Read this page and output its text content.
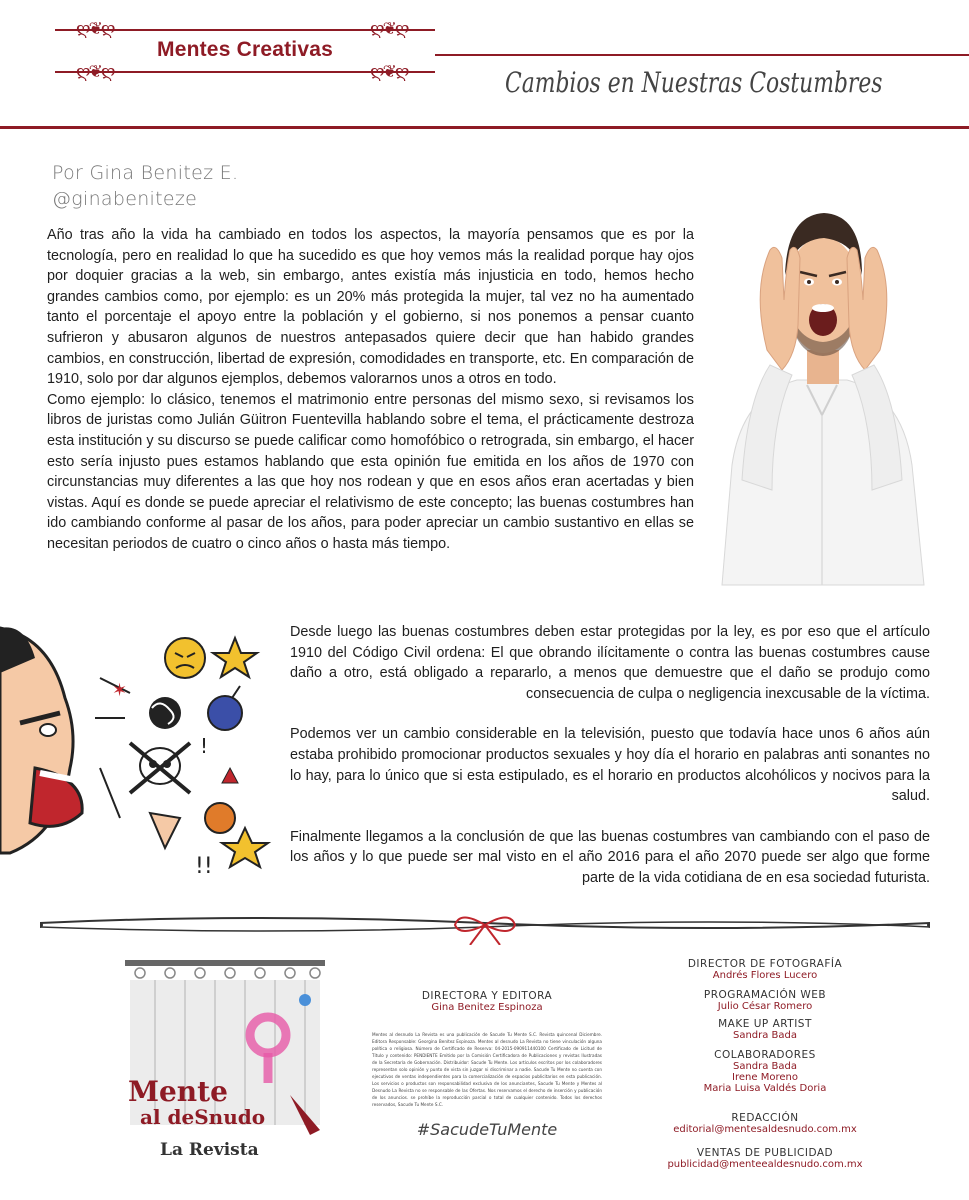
ღ❦ღ	ღ❦ღ
ღ❦ღ	ღ❦ღ
Mentes Creativas
Cambios en Nuestras Costumbres
Por Gina Benitez E.
@ginabeniteze

Año tras año la vida ha cambiado en todos los aspectos, la mayoría pensamos que es por la tecnología, pero en realidad lo que ha sucedido es que hoy vemos más la realidad porque hay ojos por doquier gracias a la web, sin embargo, antes existía más injusticia en todo, hemos hecho grandes cambios como, por ejemplo: es un 20% más protegida la mujer, tal vez no ha aumentado tanto el porcentaje el apoyo entre la población y el gobierno, si nos ponemos a pensar cuanto sufrieron y abusaron algunos de nuestros antepasados quiere decir que han habido grandes cambios, en construcción, libertad de expresión, comodidades en transporte, etc. En comparación de 1910, solo por dar algunos ejemplos, debemos valorarnos unos a otros en todo.

Como ejemplo: lo clásico, tenemos el matrimonio entre personas del mismo sexo, si revisamos los libros de juristas como Julián Güitron Fuentevilla hablando sobre el tema, el prácticamente destroza esta institución y su discurso se puede calificar como homofóbico o retrograda, sin embargo, el hacer esto sería injusto pues estamos hablando que esta opinión fue emitida en los años de 1970 con circunstancias muy diferentes a las que hoy nos rodean y que en esos años eran acertadas y bien vistas. Aquí es donde se puede apreciar el relativismo de este concepto; las buenas costumbres han ido cambiando conforme al pasar de los años, para poder apreciar un cambio sustantivo en ellas se necesitan periodos de cuatro o cinco años o hasta más tiempo.

✶
!!
!

Desde luego las buenas costumbres deben estar protegidas por la ley, es por eso que el artículo 1910 del Código Civil ordena: El que obrando ilícitamente o contra las buenas costumbres cause daño a otro, está obligado a repararlo, a menos que demuestre que el daño se produjo como consecuencia de culpa o negligencia inexcusable de la víctima.

Podemos ver un cambio considerable en la televisión, puesto que todavía hace unos 6 años aún estaba prohibido promocionar productos sexuales y hoy día el horario en palabras anti sonantes no lo hay, para lo único que si esta estipulado, es el horario en productos alcohólicos y nocivos para la salud.

Finalmente llegamos a la conclusión de que las buenas costumbres van cambiando con el paso de los años y lo que puede ser mal visto en el año 2016 para el año 2070 puede ser algo que forme parte de la vida cotidiana de en esa sociedad futurista.

Mente
al deSnudo
La Revista
DIRECTORA Y EDITORA
Gina Benitez Espinoza
Mentes al desnudo La Revista es una publicación de Sacude Tu Mente S.C. Revista quincenal Diciembre. Editora Responsable: Georgina Benítez Espinoza. Mentes al desnudo La Revista no tiene vinculación alguna política o religiosa. Número de Certificado de Reserva: 04-2015-090911440100 Certificado de Licitud de Título y contenido: PENDIENTE Emitido por la Comisión Certificadora de Publicaciones y revistas Ilustradas de la Secretaría de Gobernación. Distribuidor: Sacude Tu Mente. Los artículos escritos por los colaboradores representan solo opinión y punto de vista sin juzgar ni discriminar a nadie. Sacude Tu Mente no cuenta con ejecutivos de ventas independientes para la comercialización de espacios publicitarios en esta publicación. Los servicios o productos son responsabilidad exclusiva de los anunciantes, Sacude Tu Mente y Mentes al Desnudo La Revista no se responsable de las Ofertas. Nos reservamos el derecho de inserción y publicación de los anuncios. se prohíbe la reproducción parcial o total de cualquier contenido. Todos los derechos reservados, Sacude Tu Mente S.C.
#SacudeTuMente
DIRECTOR DE FOTOGRAFÍA
Andrés Flores Lucero
PROGRAMACIÓN WEB
Julio César Romero
MAKE UP ARTIST
Sandra Bada
COLABORADORES
Sandra Bada
Irene Moreno
Maria Luisa Valdés Doria
REDACCIÓN
editorial@mentesaldesnudo.com.mx
VENTAS DE PUBLICIDAD
publicidad@menteealdesnudo.com.mx
